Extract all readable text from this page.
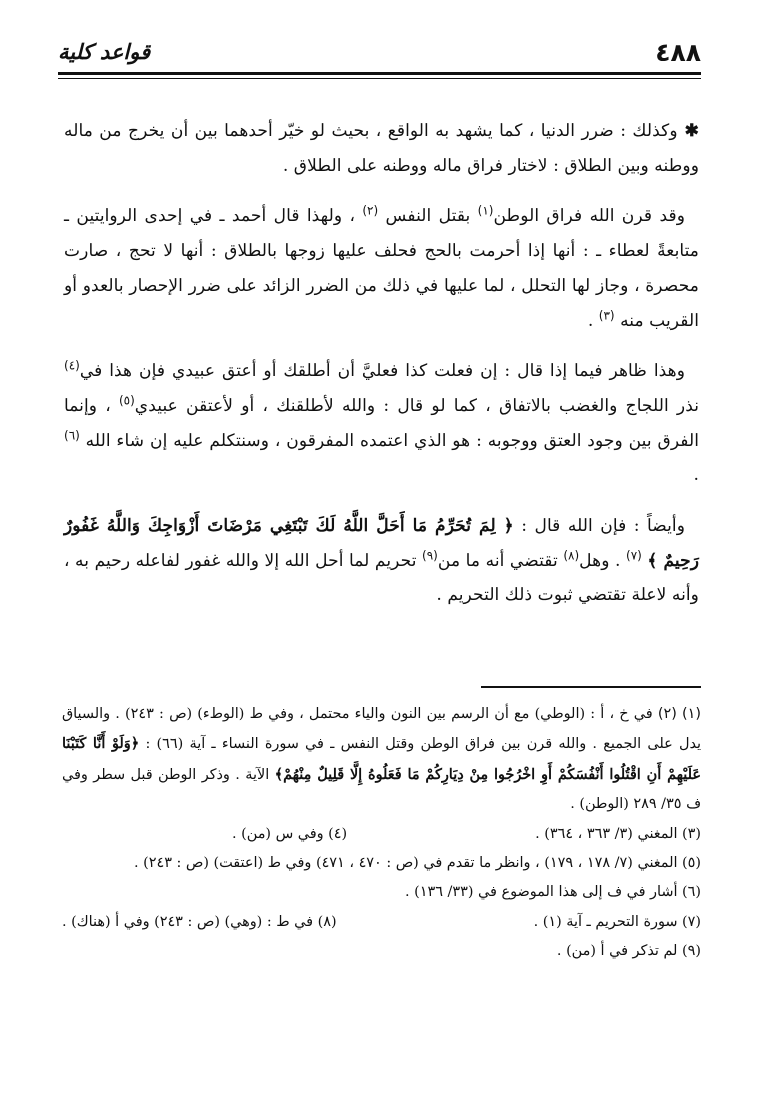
٤٨٨
قواعد كلية

✱ وكذلك : ضرر الدنيا ، كما يشهد به الواقع ، بحيث لو خيّر أحدهما بين أن يخرج من ماله ووطنه وبين الطلاق : لاختار فراق ماله ووطنه على الطلاق .

وقد قرن الله فراق الوطن$^{(١)}$ بقتل النفس $^{(٢)}$ ، ولهذا قال أحمد ـ في إحدى الروايتين ـ متابعةً لعطاء ـ : أنها إذا أحرمت بالحج فحلف عليها زوجها بالطلاق : أنها لا تحج ، صارت محصرة ، وجاز لها التحلل ، لما عليها في ذلك من الضرر الزائد على ضرر الإحصار بالعدو أو القريب منه $^{(٣)}$ .

وهذا ظاهر فيما إذا قال : إن فعلت كذا فعليَّ أن أطلقك أو أعتق عبيدي فإن هذا في$^{(٤)}$ نذر اللجاج والغضب بالاتفاق ، كما لو قال : والله لأطلقنك ، أو لأعتقن عبيدي$^{(٥)}$ ، وإنما الفرق بين وجود العتق ووجوبه : هو الذي اعتمده المفرقون ، وسنتكلم عليه إن شاء الله $^{(٦)}$ .

وأيضاً : فإن الله قال : ﴿ لِمَ تُحَرِّمُ مَا أَحَلَّ اللَّهُ لَكَ تَبْتَغِي مَرْضَاتَ أَزْوَاجِكَ وَاللَّهُ غَفُورٌ رَحِيمٌ ﴾ $^{(٧)}$ . وهل$^{(٨)}$ تقتضي أنه ما من$^{(٩)}$ تحريم لما أحل الله إلا والله غفور لفاعله رحيم به ، وأنه لاعلة تقتضي ثبوت ذلك التحريم .

(١) (٢) في خ ، أ : (الوطي) مع أن الرسم بين النون والياء محتمل ، وفي ط (الوطء) (ص : ٢٤٣) . والسياق يدل على الجميع . والله قرن بين فراق الوطن وقتل النفس ـ في سورة النساء ـ آية (٦٦) : ﴿وَلَوْ أَنَّا كَتَبْنَا عَلَيْهِمْ أَنِ اقْتُلُوا أَنْفُسَكُمْ أَوِ اخْرُجُوا مِنْ دِيَارِكُمْ مَا فَعَلُوهُ إِلَّا قَلِيلٌ مِنْهُمْ﴾ الآية . وذكر الوطن قبل سطر وفي ف ٣٥/ ٢٨٩ (الوطن) .

(٣) المغني (٣/ ٣٦٣ ، ٣٦٤) .

(٤) وفي س (من) .

(٥) المغني (٧/ ١٧٨ ، ١٧٩) ، وانظر ما تقدم في (ص : ٤٧٠ ، ٤٧١) وفي ط (اعتقت) (ص : ٢٤٣) .

(٦) أشار في ف إلى هذا الموضوع في (٣٣/ ١٣٦) .

(٧) سورة التحريم ـ آية (١) .

(٨) في ط : (وهي) (ص : ٢٤٣) وفي أ (هناك) .

(٩) لم تذكر في أ (من) .
